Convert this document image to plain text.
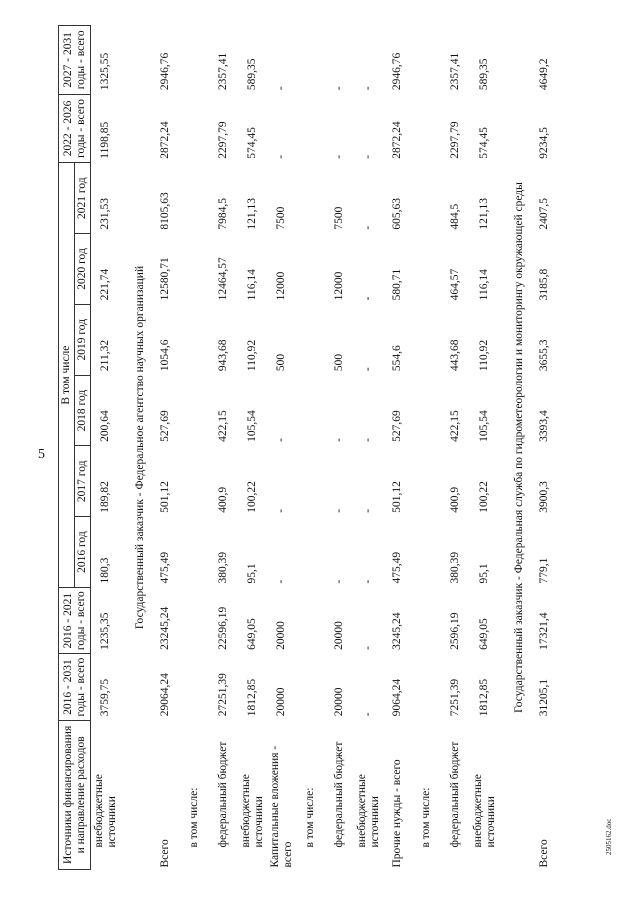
5
2505162.doc
Источники финансирования и направление расходов	2016 - 2031 годы - всего	2016 - 2021 годы - всего	В том числе						2022 - 2026 годы - всего	2027 - 2031 годы - всего
			2016 год	2017 год	2018 год	2019 год	2020 год	2021 год		
внебюджетные источники	3759,75	1235,35	180,3	189,82	200,64	211,32	221,74	231,53	1198,85	1325,55

Государственный заказчик - Федеральное агентство научных организаций										
Всего	29064,24	23245,24	475,49	501,12	527,69	1054,6	12580,71	8105,63	2872,24	2946,76
в том числе:										
федеральный бюджет	27251,39	22596,19	380,39	400,9	422,15	943,68	12464,57	7984,5	2297,79	2357,41
внебюджетные источники	1812,85	649,05	95,1	100,22	105,54	110,92	116,14	121,13	574,45	589,35
Капитальные вложения - всего	20000	20000	-	-	-	500	12000	7500	-	-
в том числе:										
федеральный бюджет	20000	20000	-	-	-	500	12000	7500	-	-
внебюджетные источники	-	-	-	-	-	-	-	-	-	-
Прочие нужды - всего	9064,24	3245,24	475,49	501,12	527,69	554,6	580,71	605,63	2872,24	2946,76
в том числе:										
федеральный бюджет	7251,39	2596,19	380,39	400,9	422,15	443,68	464,57	484,5	2297,79	2357,41
внебюджетные источники	1812,85	649,05	95,1	100,22	105,54	110,92	116,14	121,13	574,45	589,35

Государственный заказчик - Федеральная служба по гидрометеорологии и мониторингу окружающей среды										
Всего	31205,1	17321,4	779,1	3900,3	3393,4	3655,3	3185,8	2407,5	9234,5	4649,2
